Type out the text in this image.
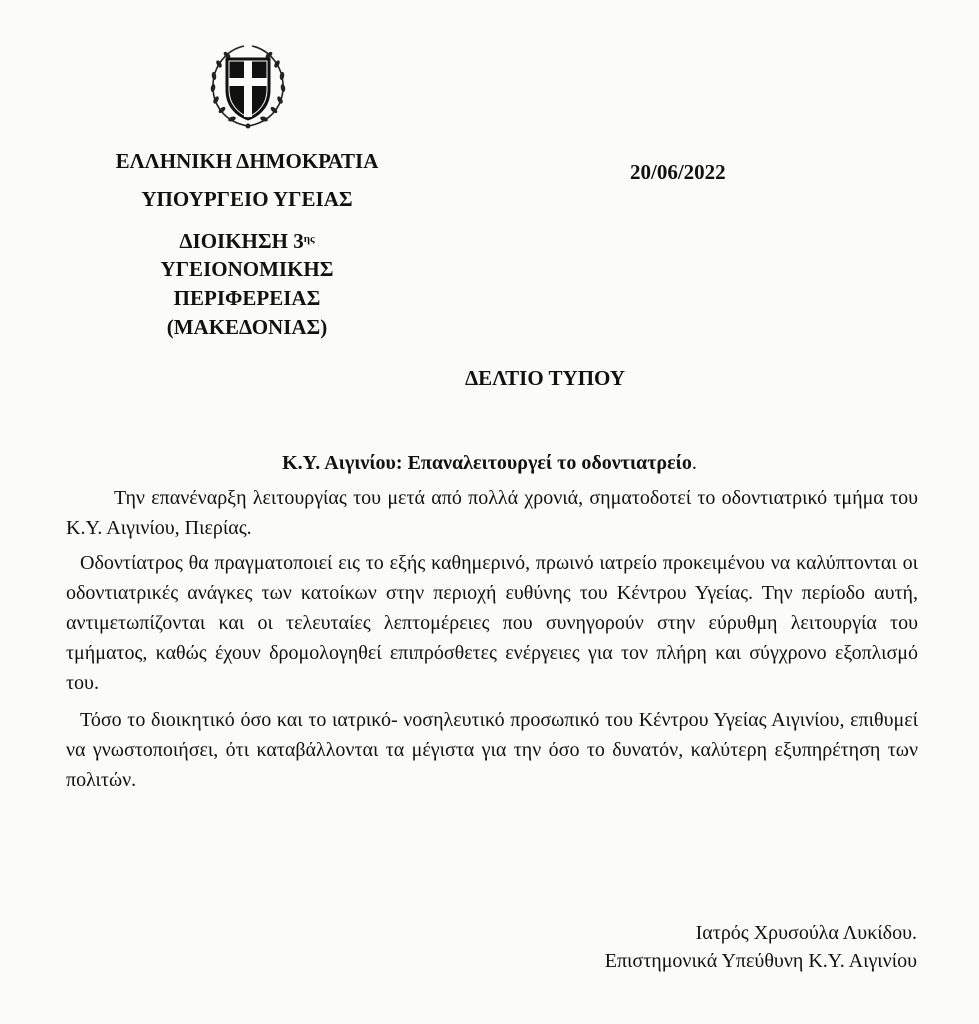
ΕΛΛΗΝΙΚΗ ΔΗΜΟΚΡΑΤΙΑ
ΥΠΟΥΡΓΕΙΟ ΥΓΕΙΑΣ
ΔΙΟΙΚΗΣΗ $3^{\eta\varsigma}$
ΥΓΕΙΟΝΟΜΙΚΗΣ
ΠΕΡΙΦΕΡΕΙΑΣ
(ΜΑΚΕΔΟΝΙΑΣ)
20/06/2022
ΔΕΛΤΙΟ ΤΥΠΟΥ
Κ.Υ. Αιγινίου: Επαναλειτουργεί το οδοντιατρείο.
Την επανέναρξη λειτουργίας του μετά από πολλά χρονιά, σηματοδοτεί το οδοντιατρικό τμήμα του Κ.Υ. Αιγινίου, Πιερίας.
Οδοντίατρος θα πραγματοποιεί εις το εξής καθημερινό, πρωινό ιατρείο προκειμένου να καλύπτονται οι οδοντιατρικές ανάγκες των κατοίκων στην περιοχή ευθύνης του Κέντρου Υγείας. Την περίοδο αυτή, αντιμετωπίζονται και οι τελευταίες λεπτομέρειες που συνηγορούν στην εύρυθμη λειτουργία του τμήματος, καθώς έχουν δρομολογηθεί επιπρόσθετες ενέργειες για τον πλήρη και σύγχρονο εξοπλισμό του.
Τόσο το διοικητικό όσο και το ιατρικό- νοσηλευτικό προσωπικό του Κέντρου Υγείας Αιγινίου, επιθυμεί να γνωστοποιήσει, ότι καταβάλλονται τα μέγιστα για την όσο το δυνατόν, καλύτερη εξυπηρέτηση των πολιτών.
Ιατρός Χρυσούλα Λυκίδου.
Επιστημονικά Υπεύθυνη Κ.Υ. Αιγινίου
